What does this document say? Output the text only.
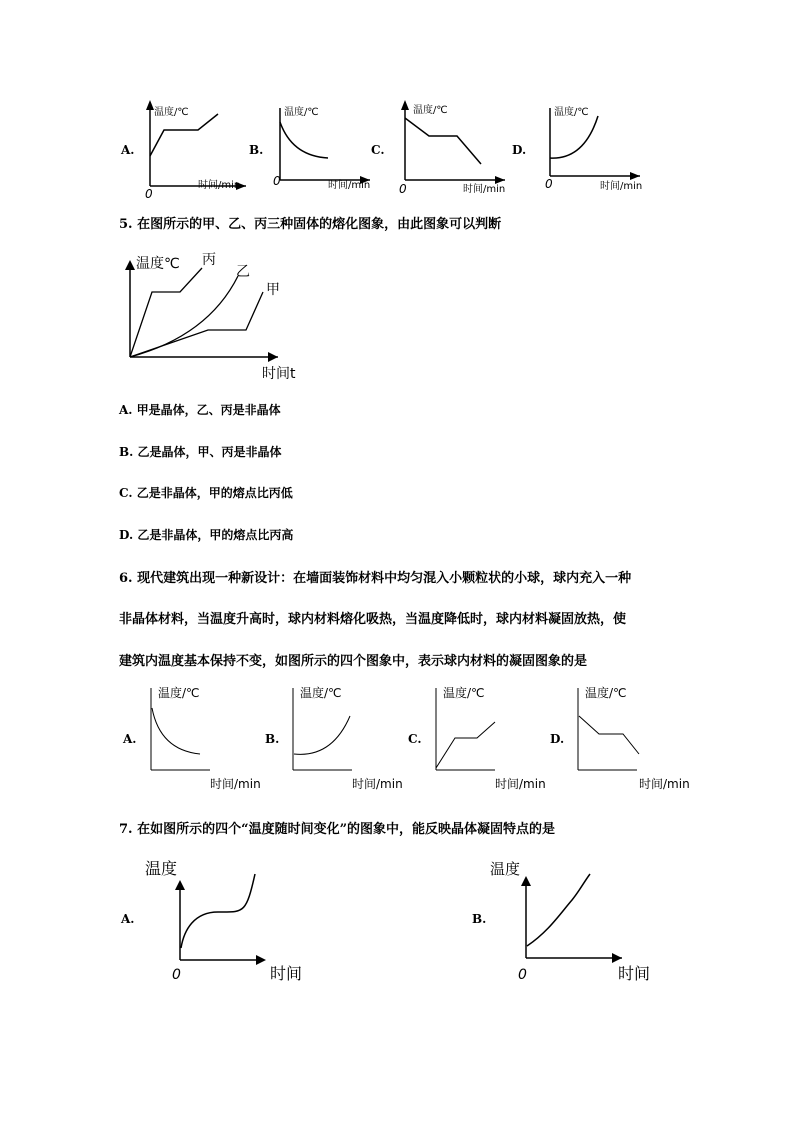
A.
温度/℃
时间/min
0
B.
温度/℃
时间/min
0
C.
温度/℃
时间/min
0
D.
温度/℃
时间/min
0
5. 在图所示的甲、乙、丙三种固体的熔化图象，由此图象可以判断
温度℃ 丙
乙
甲
时间t
A. 甲是晶体，乙、丙是非晶体
B. 乙是晶体，甲、丙是非晶体
C. 乙是非晶体，甲的熔点比丙低
D. 乙是非晶体，甲的熔点比丙高
6. 现代建筑出现一种新设计：在墙面装饰材料中均匀混入小颗粒状的小球，球内充入一种
非晶体材料，当温度升高时，球内材料熔化吸热，当温度降低时，球内材料凝固放热，使
建筑内温度基本保持不变，如图所示的四个图象中，表示球内材料的凝固图象的是
A.
温度/℃
时间/min
B.
温度/℃
时间/min
C.
温度/℃
时间/min
D.
温度/℃
时间/min
7. 在如图所示的四个“温度随时间变化”的图象中，能反映晶体凝固特点的是
A.
温度
时间
0
B.
温度
时间
0
